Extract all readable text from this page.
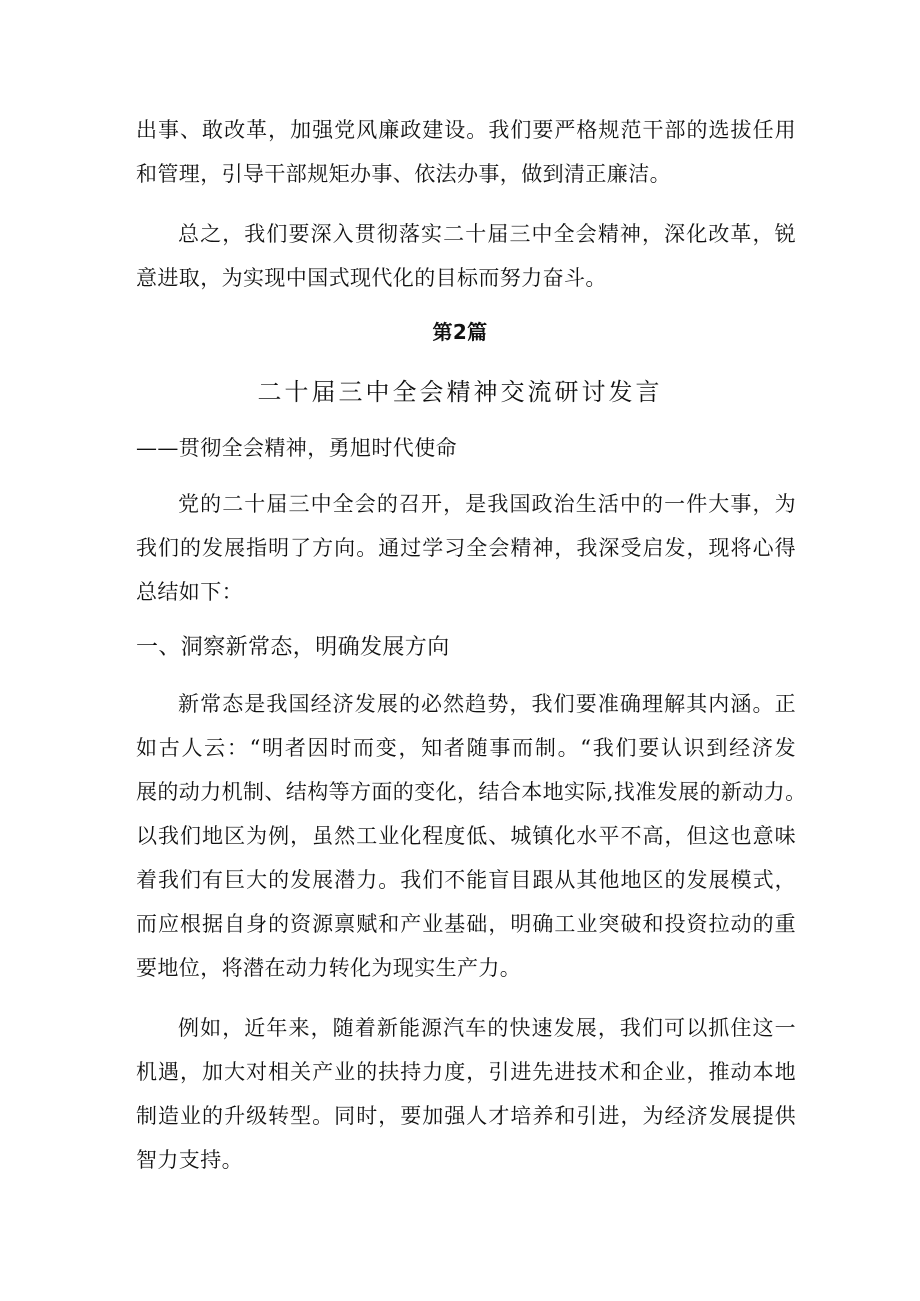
出事、敢改革，加强党风廉政建设。我们要严格规范干部的选拔任用
和管理，引导干部规矩办事、依法办事，做到清正廉洁。
总之，我们要深入贯彻落实二十届三中全会精神，深化改革，锐
意进取，为实现中国式现代化的目标而努力奋斗。
第2篇
二十届三中全会精神交流研讨发言
——贯彻全会精神，勇旭时代使命
党的二十届三中全会的召开，是我国政治生活中的一件大事，为
我们的发展指明了方向。通过学习全会精神，我深受启发，现将心得
总结如下：
一、洞察新常态，明确发展方向
新常态是我国经济发展的必然趋势，我们要准确理解其内涵。正
如古人云：“明者因时而变，知者随事而制。“我们要认识到经济发
展的动力机制、结构等方面的变化，结合本地实际,找准发展的新动力。
以我们地区为例，虽然工业化程度低、城镇化水平不高，但这也意味
着我们有巨大的发展潜力。我们不能盲目跟从其他地区的发展模式，
而应根据自身的资源禀赋和产业基础，明确工业突破和投资拉动的重
要地位，将潜在动力转化为现实生产力。
例如，近年来，随着新能源汽车的快速发展，我们可以抓住这一
机遇，加大对相关产业的扶持力度，引进先进技术和企业，推动本地
制造业的升级转型。同时，要加强人才培养和引进，为经济发展提供
智力支持。
